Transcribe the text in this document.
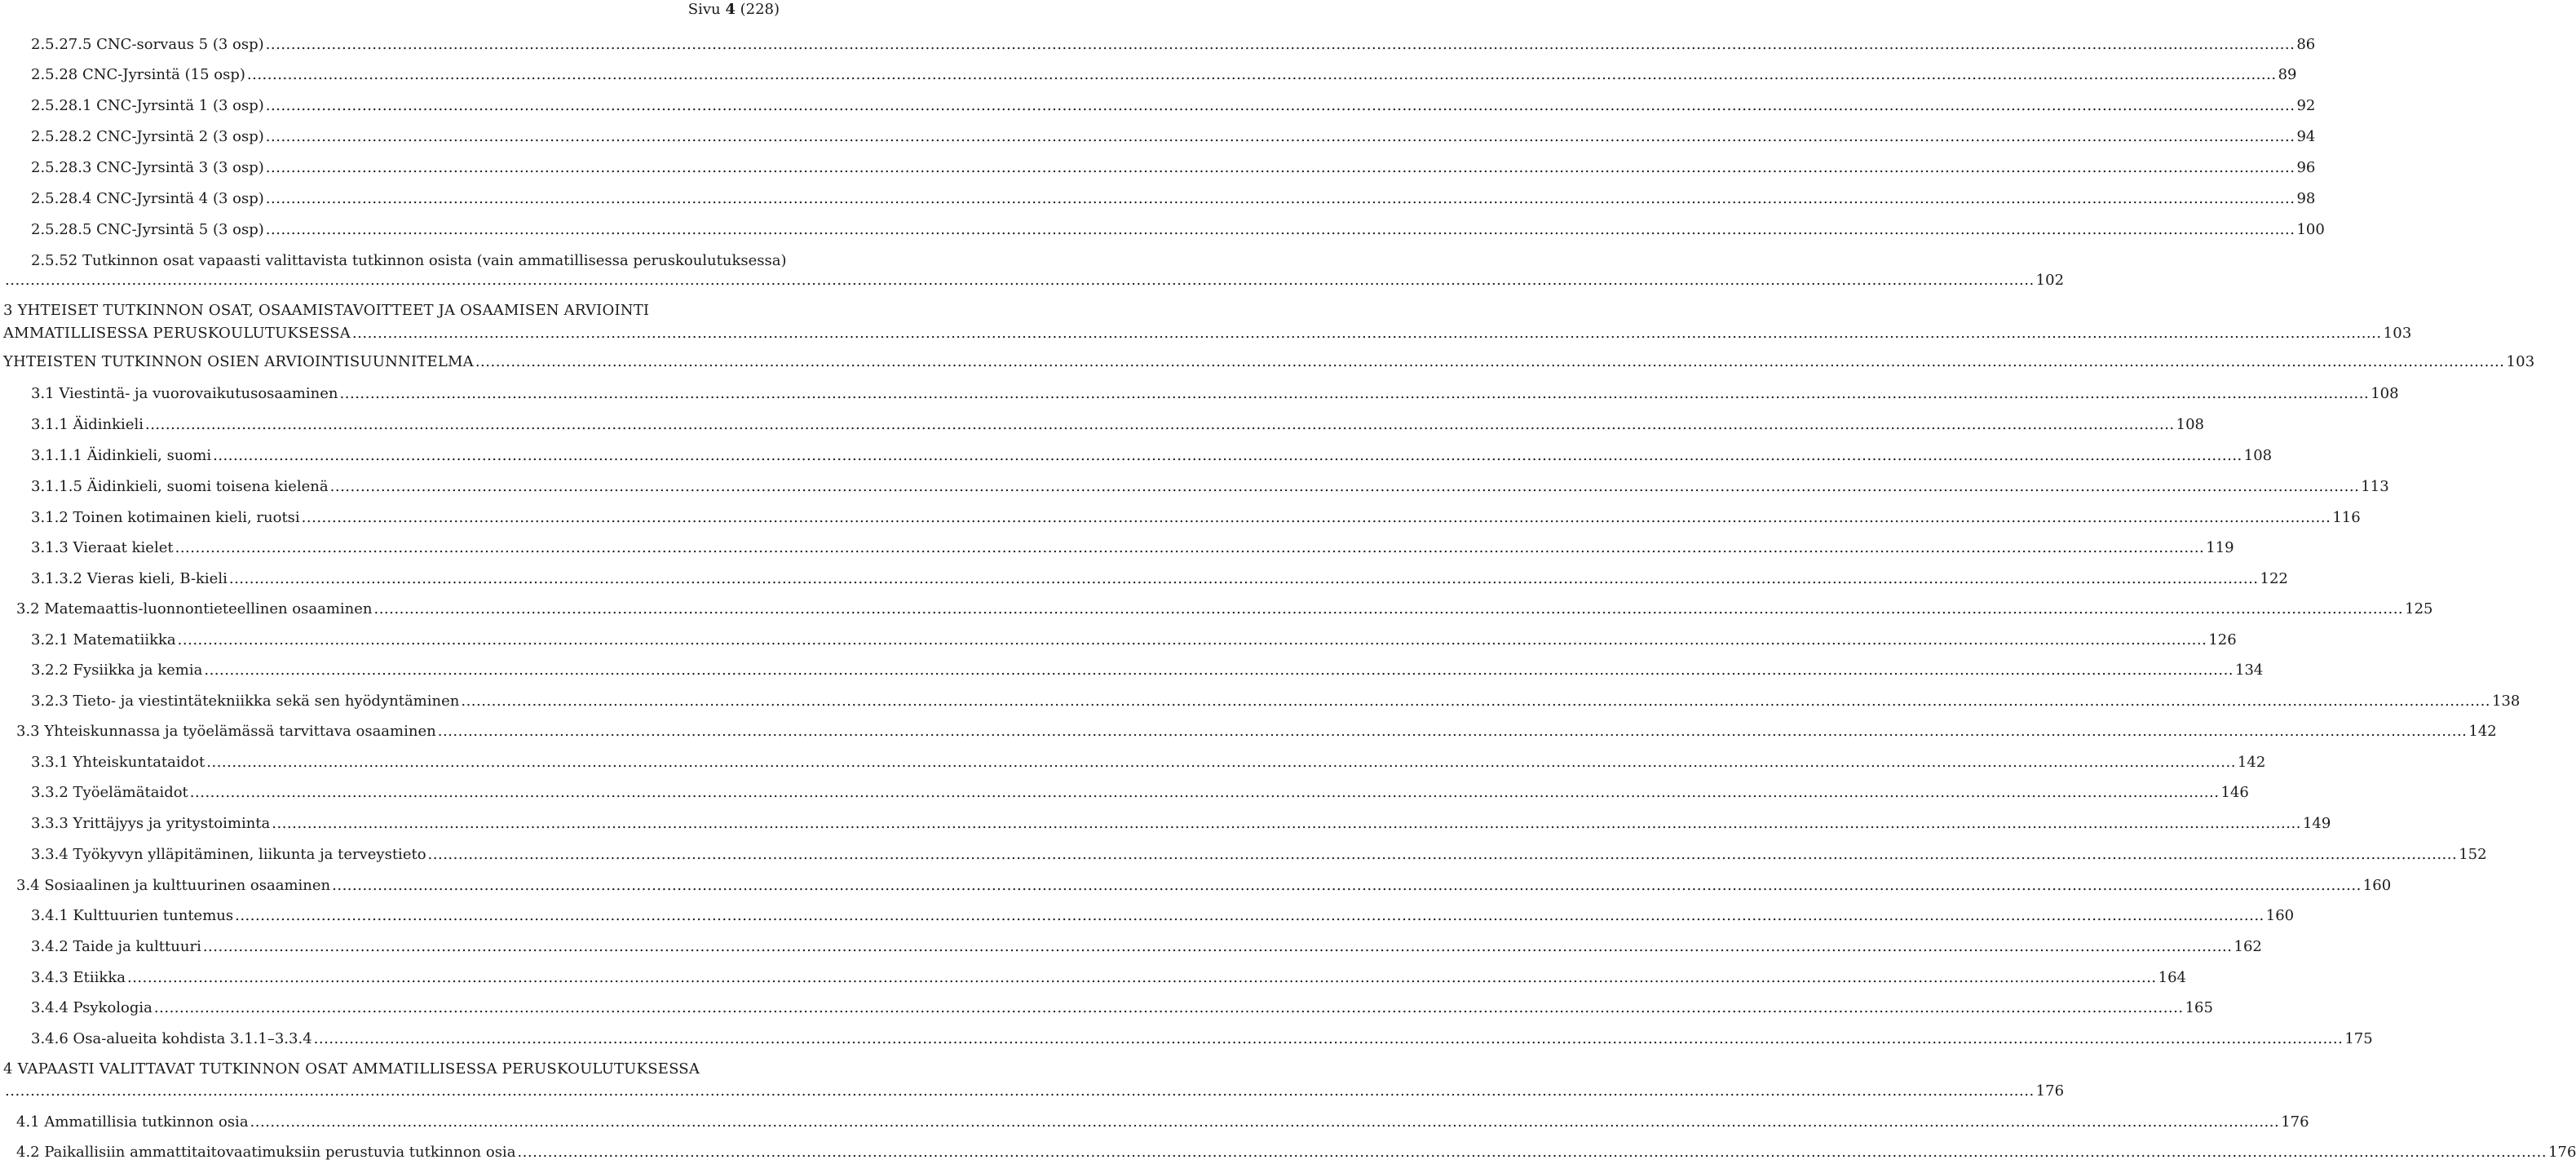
Sivu 4 (228)
2.5.27.5 CNC-sorvaus 5 (3 osp) ................................................................................................................................................................................................................................................................................................................................................................................................................ 86
2.5.28 CNC-Jyrsintä (15 osp) ................................................................................................................................................................................................................................................................................................................................................................................................................ 89
2.5.28.1 CNC-Jyrsintä 1 (3 osp) ................................................................................................................................................................................................................................................................................................................................................................................................................ 92
2.5.28.2 CNC-Jyrsintä 2 (3 osp) ................................................................................................................................................................................................................................................................................................................................................................................................................ 94
2.5.28.3 CNC-Jyrsintä 3 (3 osp) ................................................................................................................................................................................................................................................................................................................................................................................................................ 96
2.5.28.4 CNC-Jyrsintä 4 (3 osp) ................................................................................................................................................................................................................................................................................................................................................................................................................ 98
2.5.28.5 CNC-Jyrsintä 5 (3 osp) ................................................................................................................................................................................................................................................................................................................................................................................................................ 100
2.5.52 Tutkinnon osat vapaasti valittavista tutkinnon osista (vain ammatillisessa peruskoulutuksessa)
................................................................................................................................................................................................................................................................................................................................................................................................................ 102
3 YHTEISET TUTKINNON OSAT, OSAAMISTAVOITTEET JA OSAAMISEN ARVIOINTI
AMMATILLISESSA PERUSKOULUTUKSESSA ................................................................................................................................................................................................................................................................................................................................................................................................................ 103
YHTEISTEN TUTKINNON OSIEN ARVIOINTISUUNNITELMA ................................................................................................................................................................................................................................................................................................................................................................................................................ 103
3.1 Viestintä- ja vuorovaikutusosaaminen ................................................................................................................................................................................................................................................................................................................................................................................................................ 108
3.1.1 Äidinkieli ................................................................................................................................................................................................................................................................................................................................................................................................................ 108
3.1.1.1 Äidinkieli, suomi ................................................................................................................................................................................................................................................................................................................................................................................................................ 108
3.1.1.5 Äidinkieli, suomi toisena kielenä ................................................................................................................................................................................................................................................................................................................................................................................................................ 113
3.1.2 Toinen kotimainen kieli, ruotsi ................................................................................................................................................................................................................................................................................................................................................................................................................ 116
3.1.3 Vieraat kielet ................................................................................................................................................................................................................................................................................................................................................................................................................ 119
3.1.3.2 Vieras kieli, B-kieli ................................................................................................................................................................................................................................................................................................................................................................................................................ 122
3.2 Matemaattis-luonnontieteellinen osaaminen ................................................................................................................................................................................................................................................................................................................................................................................................................ 125
3.2.1 Matematiikka ................................................................................................................................................................................................................................................................................................................................................................................................................ 126
3.2.2 Fysiikka ja kemia ................................................................................................................................................................................................................................................................................................................................................................................................................ 134
3.2.3 Tieto- ja viestintätekniikka sekä sen hyödyntäminen ................................................................................................................................................................................................................................................................................................................................................................................................................ 138
3.3 Yhteiskunnassa ja työelämässä tarvittava osaaminen ................................................................................................................................................................................................................................................................................................................................................................................................................ 142
3.3.1 Yhteiskuntataidot ................................................................................................................................................................................................................................................................................................................................................................................................................ 142
3.3.2 Työelämätaidot ................................................................................................................................................................................................................................................................................................................................................................................................................ 146
3.3.3 Yrittäjyys ja yritystoiminta ................................................................................................................................................................................................................................................................................................................................................................................................................ 149
3.3.4 Työkyvyn ylläpitäminen, liikunta ja terveystieto ................................................................................................................................................................................................................................................................................................................................................................................................................ 152
3.4 Sosiaalinen ja kulttuurinen osaaminen ................................................................................................................................................................................................................................................................................................................................................................................................................ 160
3.4.1 Kulttuurien tuntemus ................................................................................................................................................................................................................................................................................................................................................................................................................ 160
3.4.2 Taide ja kulttuuri ................................................................................................................................................................................................................................................................................................................................................................................................................ 162
3.4.3 Etiikka ................................................................................................................................................................................................................................................................................................................................................................................................................ 164
3.4.4 Psykologia ................................................................................................................................................................................................................................................................................................................................................................................................................ 165
3.4.6 Osa-alueita kohdista 3.1.1–3.3.4 ................................................................................................................................................................................................................................................................................................................................................................................................................ 175
4 VAPAASTI VALITTAVAT TUTKINNON OSAT AMMATILLISESSA PERUSKOULUTUKSESSA
................................................................................................................................................................................................................................................................................................................................................................................................................ 176
4.1 Ammatillisia tutkinnon osia ................................................................................................................................................................................................................................................................................................................................................................................................................ 176
4.2 Paikallisiin ammattitaitovaatimuksiin perustuvia tutkinnon osia ................................................................................................................................................................................................................................................................................................................................................................................................................ 176
